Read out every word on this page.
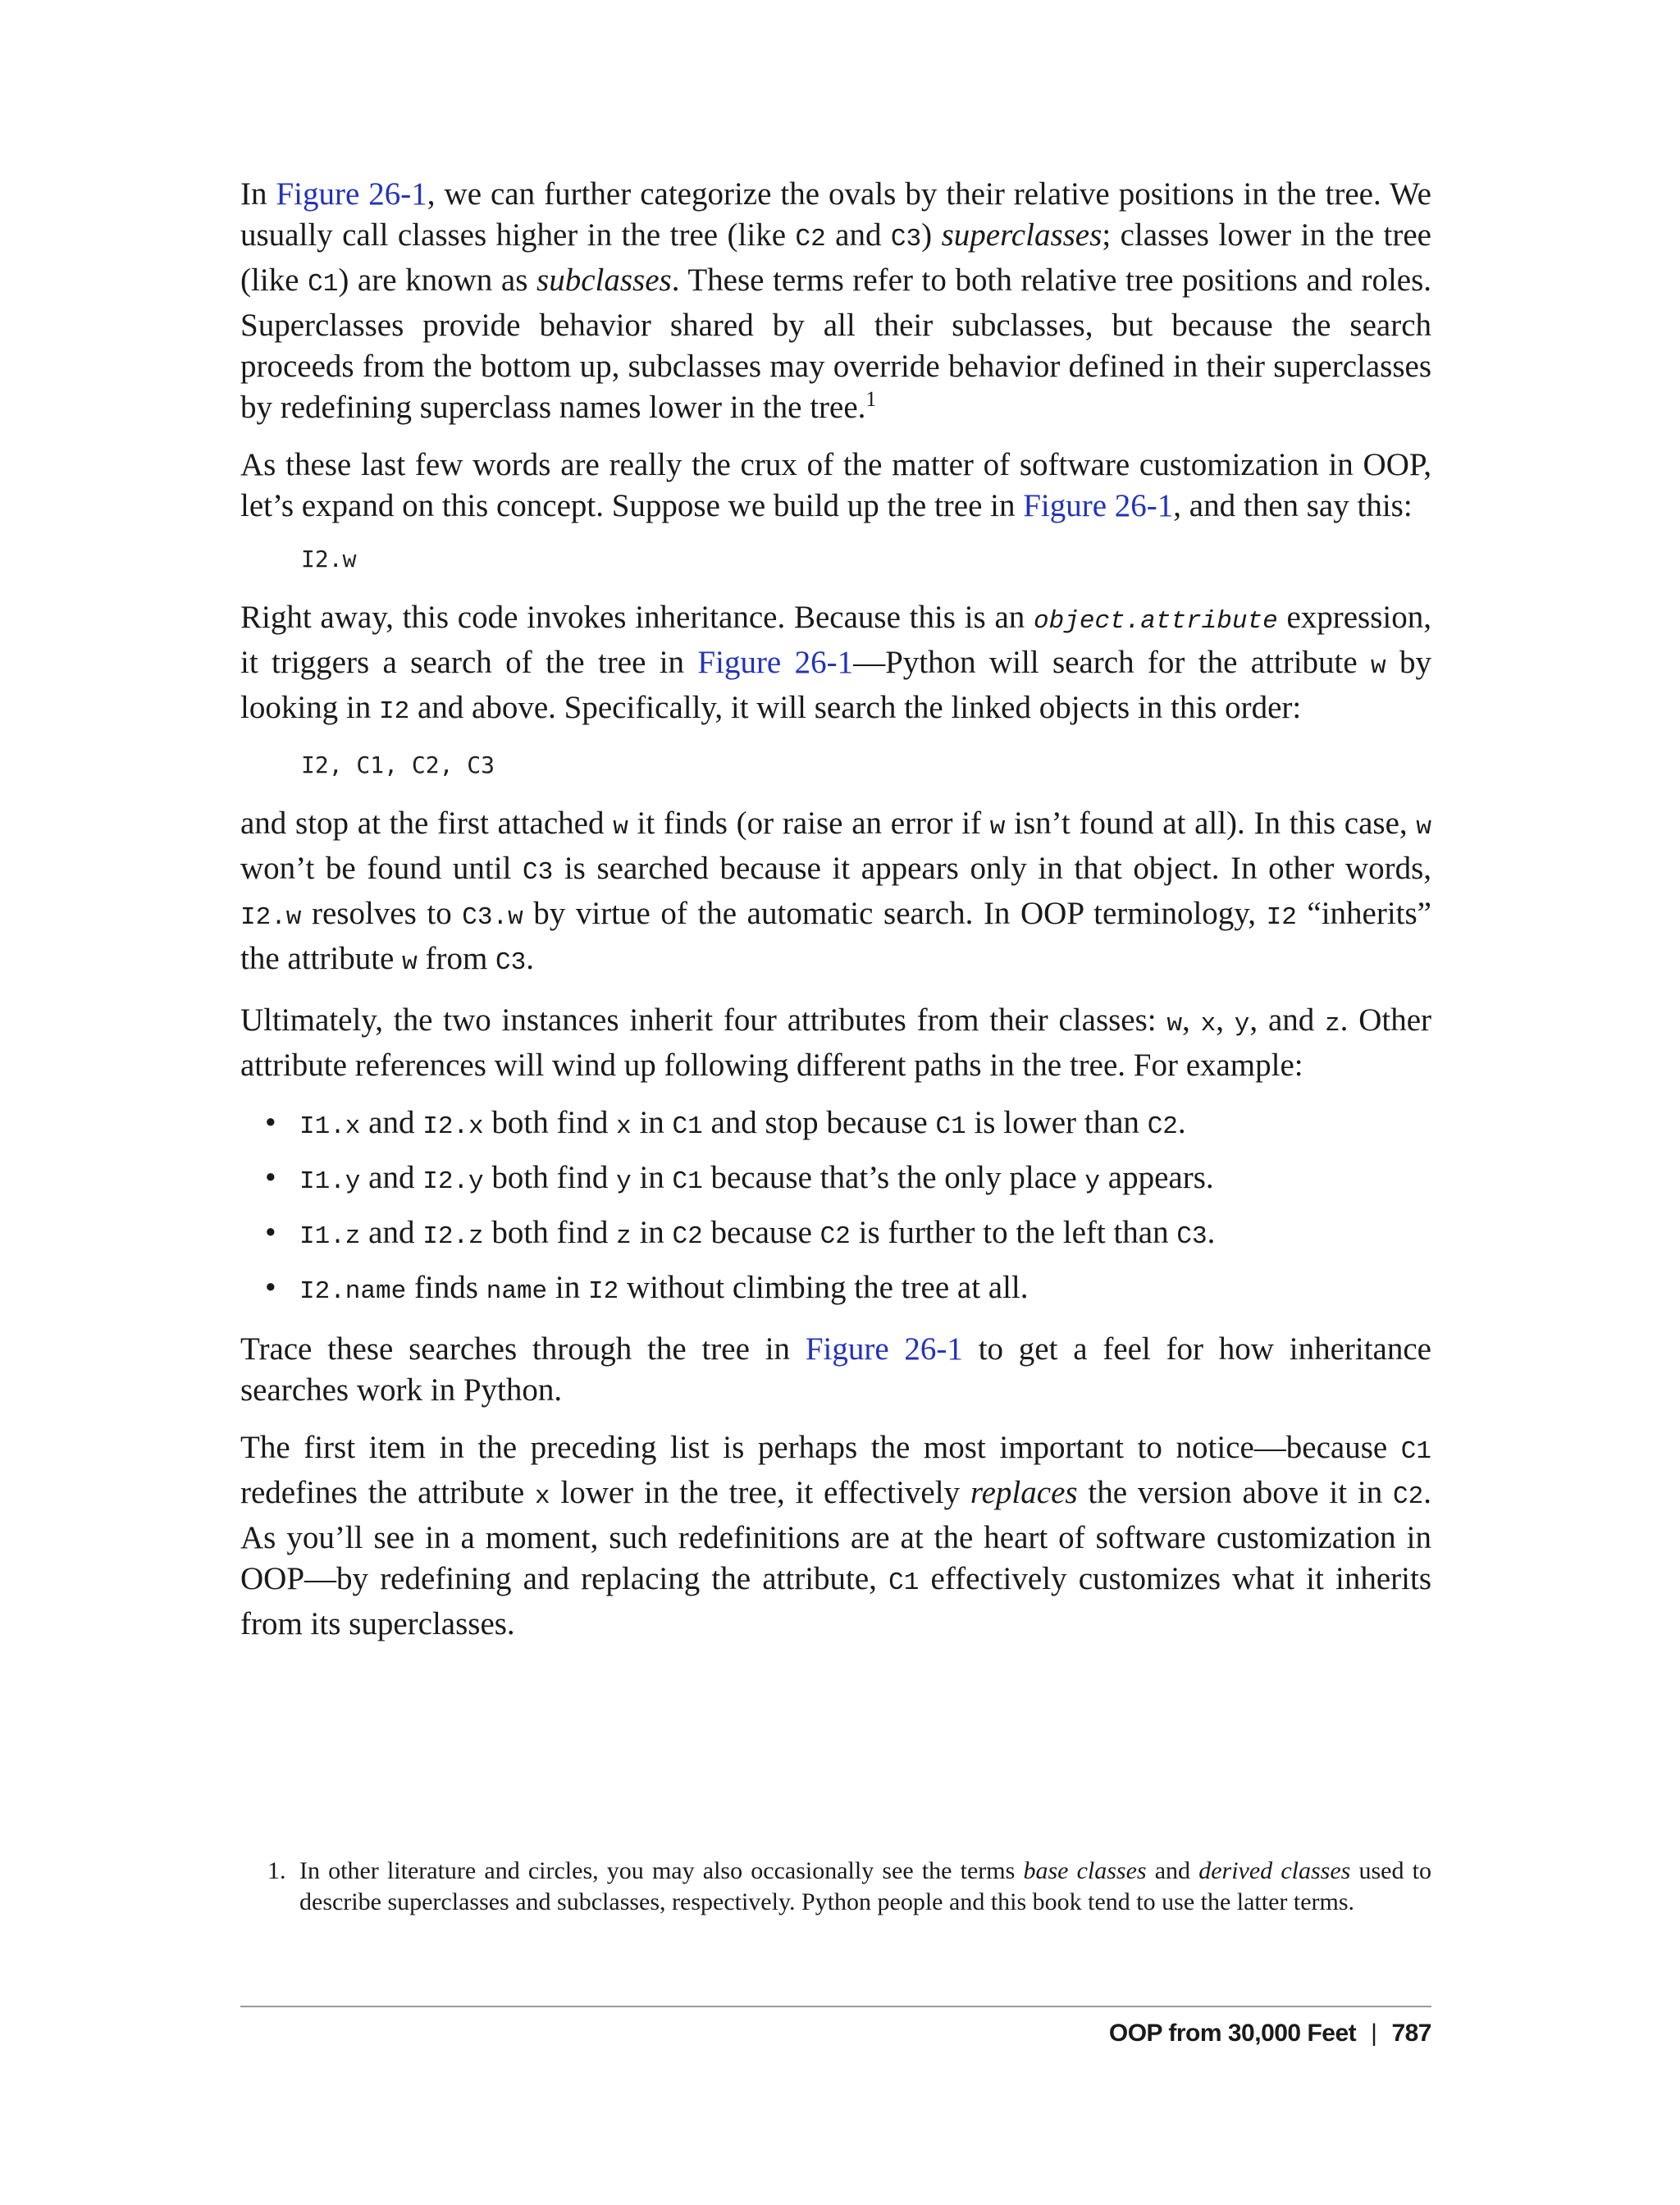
In Figure 26-1, we can further categorize the ovals by their relative positions in the tree. We usually call classes higher in the tree (like C2 and C3) superclasses; classes lower in the tree (like C1) are known as subclasses. These terms refer to both relative tree positions and roles. Superclasses provide behavior shared by all their subclasses, but because the search proceeds from the bottom up, subclasses may override behavior defined in their superclasses by redefining superclass names lower in the tree.$^1$

As these last few words are really the crux of the matter of software customization in OOP, let’s expand on this concept. Suppose we build up the tree in Figure 26-1, and then say this:

I2.w

Right away, this code invokes inheritance. Because this is an object.attribute expression, it triggers a search of the tree in Figure 26-1—Python will search for the attribute w by looking in I2 and above. Specifically, it will search the linked objects in this order:

I2, C1, C2, C3

and stop at the first attached w it finds (or raise an error if w isn’t found at all). In this case, w won’t be found until C3 is searched because it appears only in that object. In other words, I2.w resolves to C3.w by virtue of the automatic search. In OOP terminology, I2 “inherits” the attribute w from C3.

Ultimately, the two instances inherit four attributes from their classes: w, x, y, and z. Other attribute references will wind up following different paths in the tree. For example:

• I1.x and I2.x both find x in C1 and stop because C1 is lower than C2.
• I1.y and I2.y both find y in C1 because that’s the only place y appears.
• I1.z and I2.z both find z in C2 because C2 is further to the left than C3.
• I2.name finds name in I2 without climbing the tree at all.

Trace these searches through the tree in Figure 26-1 to get a feel for how inheritance searches work in Python.

The first item in the preceding list is perhaps the most important to notice—because C1 redefines the attribute x lower in the tree, it effectively replaces the version above it in C2. As you’ll see in a moment, such redefinitions are at the heart of software customization in OOP—by redefining and replacing the attribute, C1 effectively customizes what it inherits from its superclasses.

1. In other literature and circles, you may also occasionally see the terms base classes and derived classes used to describe superclasses and subclasses, respectively. Python people and this book tend to use the latter terms.
OOP from 30,000 Feet | 787
